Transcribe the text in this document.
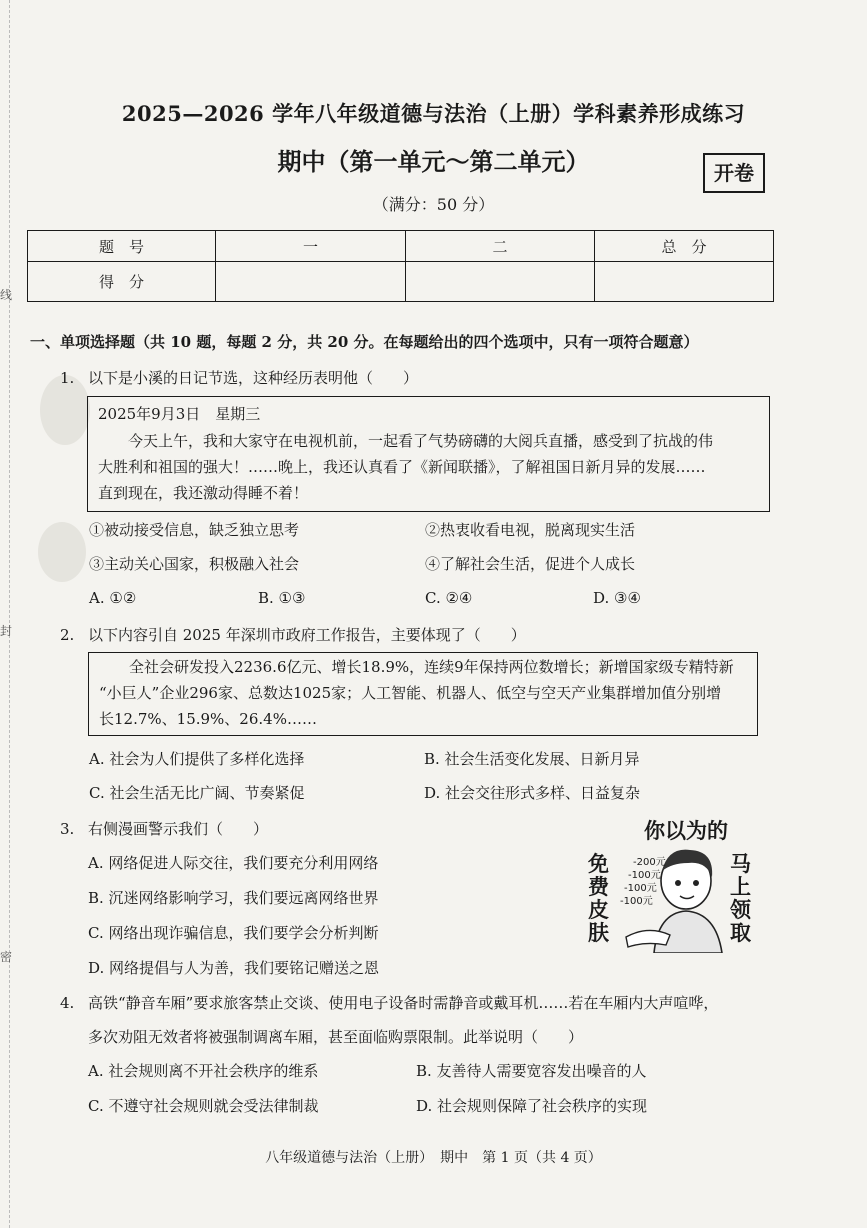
线
封
密
2025—2026 学年八年级道德与法治（上册）学科素养形成练习
期中（第一单元～第二单元）	开卷
（满分：50 分）
题　号	一	二	总　分
得　分			
一、单项选择题（共 10 题，每题 2 分，共 20 分。在每题给出的四个选项中，只有一项符合题意）
1. 以下是小溪的日记节选，这种经历表明他（　　）
2025年9月3日　星期三
今天上午，我和大家守在电视机前，一起看了气势磅礴的大阅兵直播，感受到了抗战的伟
大胜利和祖国的强大！……晚上，我还认真看了《新闻联播》，了解祖国日新月异的发展……
直到现在，我还激动得睡不着！
①被动接受信息，缺乏独立思考	②热衷收看电视，脱离现实生活
③主动关心国家，积极融入社会	④了解社会生活，促进个人成长
A. ①②	B. ①③	C. ②④	D. ③④
2. 以下内容引自 2025 年深圳市政府工作报告，主要体现了（　　）
全社会研发投入2236.6亿元、增长18.9%，连续9年保持两位数增长；新增国家级专精特新
“小巨人”企业296家、总数达1025家；人工智能、机器人、低空与空天产业集群增加值分别增
长12.7%、15.9%、26.4%……
A. 社会为人们提供了多样化选择	B. 社会生活变化发展、日新月异
C. 社会生活无比广阔、节奏紧促	D. 社会交往形式多样、日益复杂
3. 右侧漫画警示我们（　　）
A. 网络促进人际交往，我们要充分利用网络
B. 沉迷网络影响学习，我们要远离网络世界
C. 网络出现诈骗信息，我们要学会分析判断
D. 网络提倡与人为善，我们要铭记赠送之恩
你以为的
免费皮肤
马上领取
-200元
-100元
-100元
-100元
4. 高铁“静音车厢”要求旅客禁止交谈、使用电子设备时需静音或戴耳机……若在车厢内大声喧哗，
多次劝阻无效者将被强制调离车厢，甚至面临购票限制。此举说明（　　）
A. 社会规则离不开社会秩序的维系	B. 友善待人需要宽容发出噪音的人
C. 不遵守社会规则就会受法律制裁	D. 社会规则保障了社会秩序的实现
八年级道德与法治（上册）　期中　第 1 页（共 4 页）
